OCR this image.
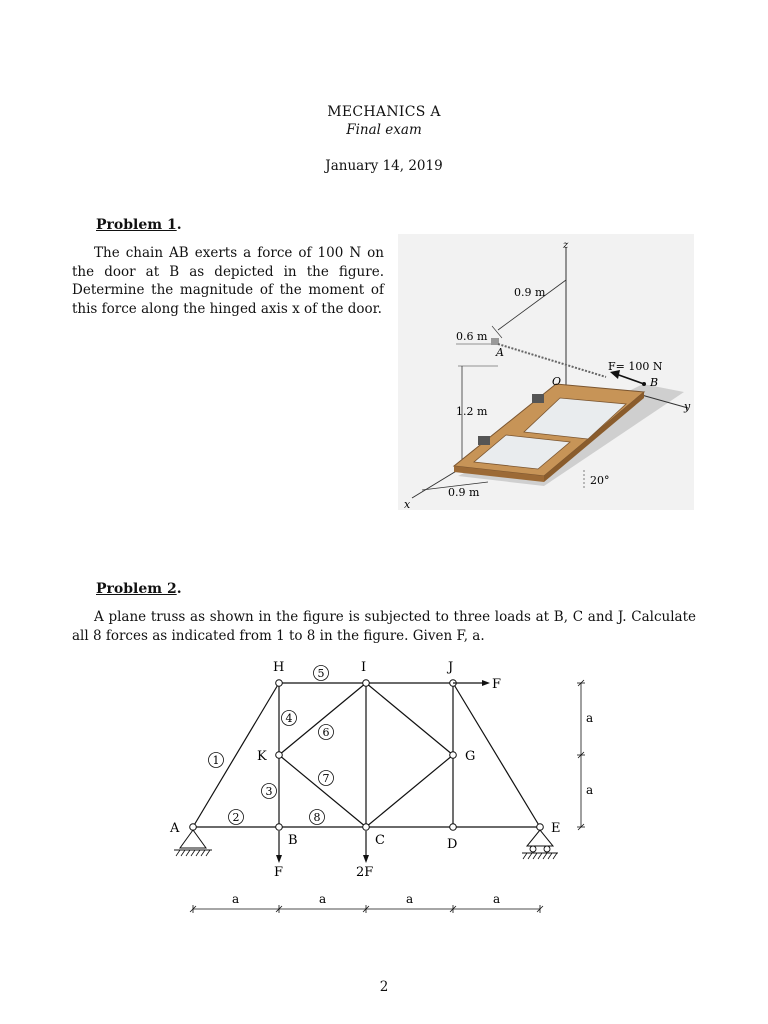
MECHANICS A
Final exam
January 14, 2019
Problem 1.
The chain AB exerts a force of 100 N on the door at B as depicted in the figure. Determine the magnitude of the moment of this force along the hinged axis x of the door.
z
y
x
0.9 m
0.6 m
A
1.2 m
O
F= 100 N
B
0.9 m
20°
Problem 2.
A plane truss as shown in the figure is subjected to three loads at B, C and J. Calculate all 8 forces as indicated from 1 to 8 in the figure. Given F, a.
A
B	C	D
E
G
H	I	J
K
1
2
3
4
5
6
7
8
F
F	2F
a
a
a	a	a	a
2
